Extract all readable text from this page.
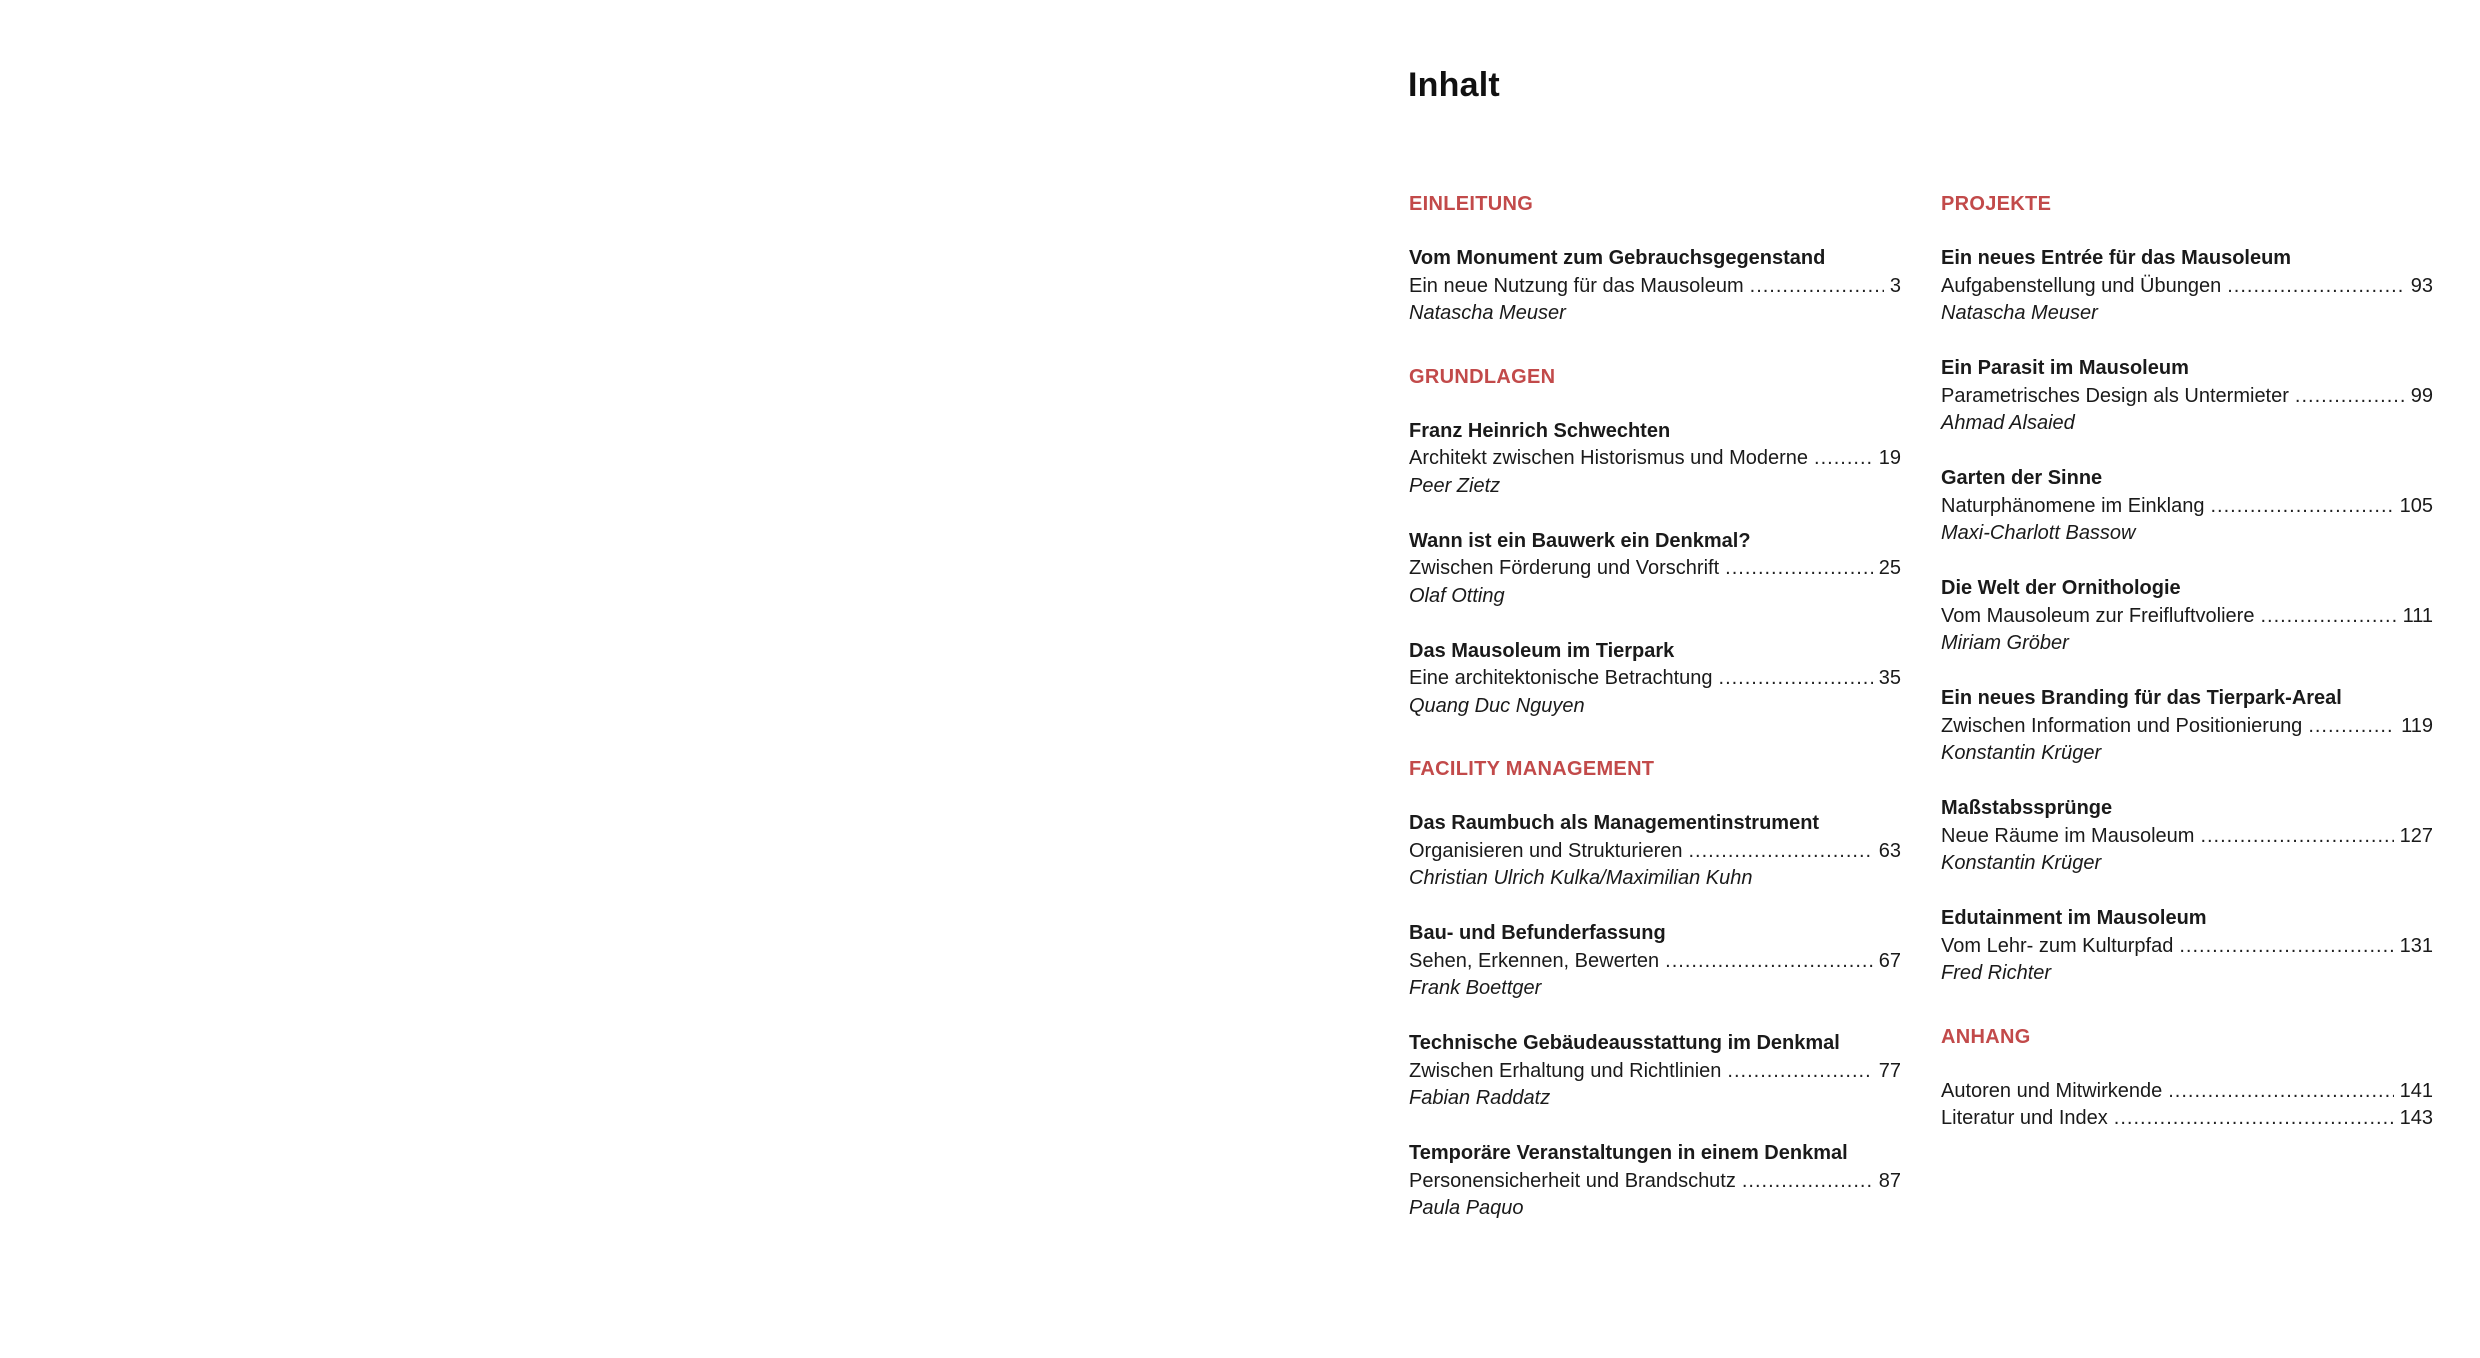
Inhalt
EINLEITUNG
Vom Monument zum Gebrauchsgegenstand
Ein neue Nutzung für das Mausoleum .....	3
Natascha Meuser
GRUNDLAGEN
Franz Heinrich Schwechten
Architekt zwischen Historismus und Moderne .....	19
Peer Zietz
Wann ist ein Bauwerk ein Denkmal?
Zwischen Förderung und Vorschrift .....	25
Olaf Otting
Das Mausoleum im Tierpark
Eine architektonische Betrachtung .....	35
Quang Duc Nguyen
FACILITY MANAGEMENT
Das Raumbuch als Managementinstrument
Organisieren und Strukturieren .....	63
Christian Ulrich Kulka/Maximilian Kuhn
Bau- und Befunderfassung
Sehen, Erkennen, Bewerten .....	67
Frank Boettger
Technische Gebäudeausstattung im Denkmal
Zwischen Erhaltung und Richtlinien .....	77
Fabian Raddatz
Temporäre Veranstaltungen in einem Denkmal
Personensicherheit und Brandschutz .....	87
Paula Paquo
PROJEKTE
Ein neues Entrée für das Mausoleum
Aufgabenstellung und Übungen .....	93
Natascha Meuser
Ein Parasit im Mausoleum
Parametrisches Design als Untermieter .....	99
Ahmad Alsaied
Garten der Sinne
Naturphänomene im Einklang .....	105
Maxi-Charlott Bassow
Die Welt der Ornithologie
Vom Mausoleum zur Freifluftvoliere .....	111
Miriam Gröber
Ein neues Branding für das Tierpark-Areal
Zwischen Information und Positionierung .....	119
Konstantin Krüger
Maßstabssprünge
Neue Räume im Mausoleum .....	127
Konstantin Krüger
Edutainment im Mausoleum
Vom Lehr- zum Kulturpfad .....	131
Fred Richter
ANHANG
Autoren und Mitwirkende .....	141
Literatur und Index .....	143
